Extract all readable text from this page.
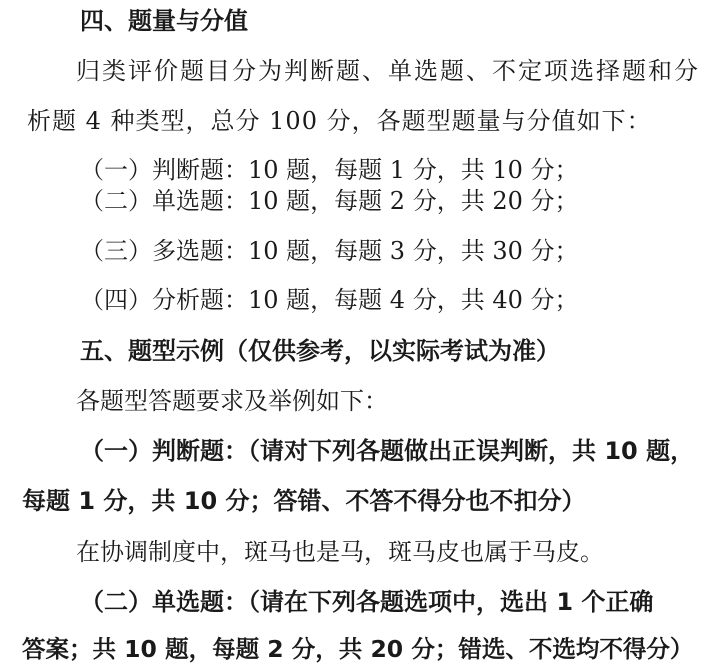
四、题量与分值
归类评价题目分为判断题、单选题、不定项选择题和分
析题 4 种类型，总分 100 分，各题型题量与分值如下：
（一）判断题：10 题，每题 1 分，共 10 分；
（二）单选题：10 题，每题 2 分，共 20 分；
（三）多选题：10 题，每题 3 分，共 30 分；
（四）分析题：10 题，每题 4 分，共 40 分；
五、题型示例（仅供参考，以实际考试为准）
各题型答题要求及举例如下：
（一）判断题：（请对下列各题做出正误判断，共 10 题，
每题 1 分，共 10 分；答错、不答不得分也不扣分）
在协调制度中，斑马也是马，斑马皮也属于马皮。
（二）单选题：（请在下列各题选项中，选出 1 个正确
答案；共 10 题，每题 2 分，共 20 分；错选、不选均不得分）
